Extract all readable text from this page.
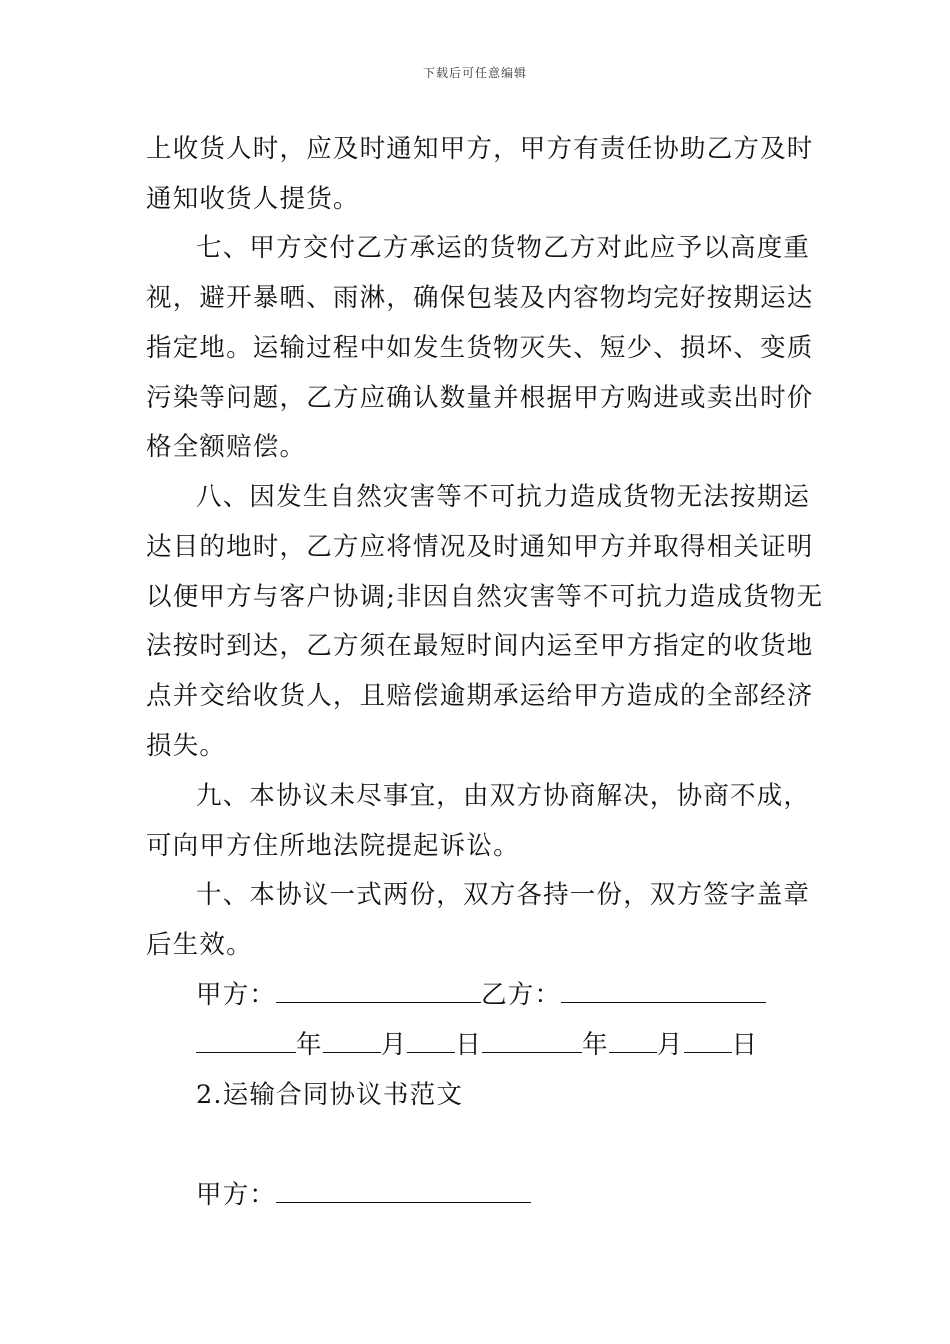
下载后可任意编辑
上收货人时，应及时通知甲方，甲方有责任协助乙方及时
通知收货人提货。
七、甲方交付乙方承运的货物乙方对此应予以高度重
视，避开暴晒、雨淋，确保包装及内容物均完好按期运达
指定地。运输过程中如发生货物灭失、短少、损坏、变质
污染等问题，乙方应确认数量并根据甲方购进或卖出时价
格全额赔偿。
八、因发生自然灾害等不可抗力造成货物无法按期运
达目的地时，乙方应将情况及时通知甲方并取得相关证明
以便甲方与客户协调;非因自然灾害等不可抗力造成货物无
法按时到达，乙方须在最短时间内运至甲方指定的收货地
点并交给收货人，且赔偿逾期承运给甲方造成的全部经济
损失。
九、本协议未尽事宜，由双方协商解决，协商不成，
可向甲方住所地法院提起诉讼。
十、本协议一式两份，双方各持一份，双方签字盖章
后生效。
甲方：	乙方：
年 月 日	年 月 日
2.运输合同协议书范文
甲方：
